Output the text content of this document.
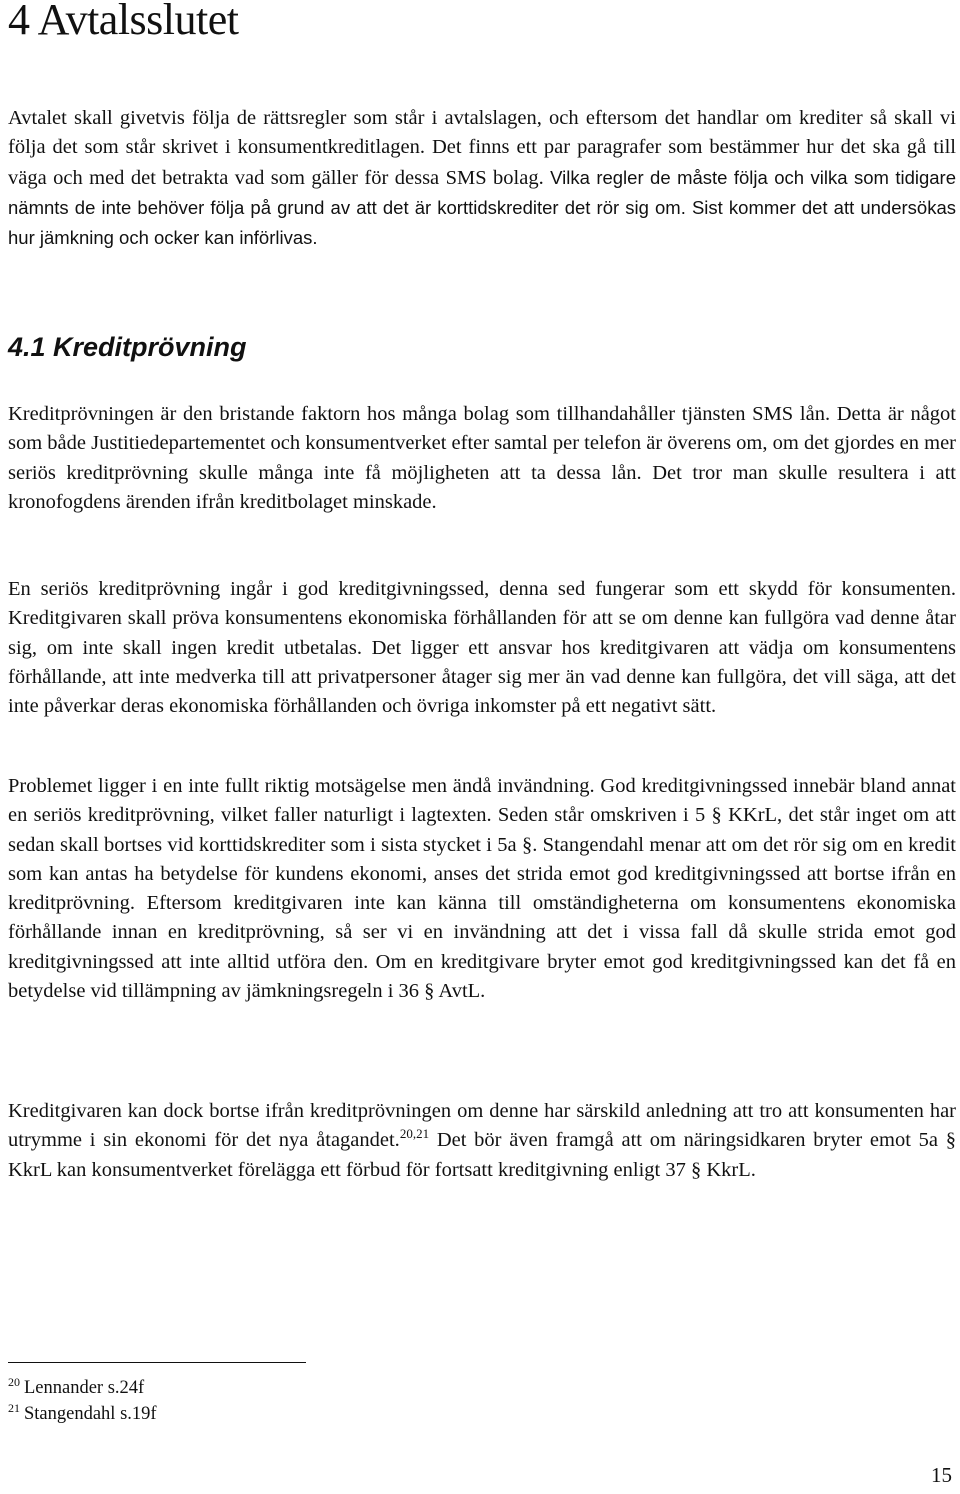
4 Avtalsslutet

Avtalet skall givetvis följa de rättsregler som står i avtalslagen, och eftersom det handlar om krediter så skall vi följa det som står skrivet i konsumentkreditlagen. Det finns ett par paragrafer som bestämmer hur det ska gå till väga och med det betrakta vad som gäller för dessa SMS bolag. Vilka regler de måste följa och vilka som tidigare nämnts de inte behöver följa på grund av att det är korttidskrediter det rör sig om. Sist kommer det att undersökas hur jämkning och ocker kan införlivas.

4.1 Kreditprövning

Kreditprövningen är den bristande faktorn hos många bolag som tillhandahåller tjänsten SMS lån. Detta är något som både Justitiedepartementet och konsumentverket efter samtal per telefon är överens om, om det gjordes en mer seriös kreditprövning skulle många inte få möjligheten att ta dessa lån. Det tror man skulle resultera i att kronofogdens ärenden ifrån kreditbolaget minskade.

En seriös kreditprövning ingår i god kreditgivningssed, denna sed fungerar som ett skydd för konsumenten. Kreditgivaren skall pröva konsumentens ekonomiska förhållanden för att se om denne kan fullgöra vad denne åtar sig, om inte skall ingen kredit utbetalas. Det ligger ett ansvar hos kreditgivaren att vädja om konsumentens förhållande, att inte medverka till att privatpersoner åtager sig mer än vad denne kan fullgöra, det vill säga, att det inte påverkar deras ekonomiska förhållanden och övriga inkomster på ett negativt sätt.

Problemet ligger i en inte fullt riktig motsägelse men ändå invändning. God kreditgivningssed innebär bland annat en seriös kreditprövning, vilket faller naturligt i lagtexten. Seden står omskriven i 5 § KKrL, det står inget om att sedan skall bortses vid korttidskrediter som i sista stycket i 5a §. Stangendahl menar att om det rör sig om en kredit som kan antas ha betydelse för kundens ekonomi, anses det strida emot god kreditgivningssed att bortse ifrån en kreditprövning. Eftersom kreditgivaren inte kan känna till omständigheterna om konsumentens ekonomiska förhållande innan en kreditprövning, så ser vi en invändning att det i vissa fall då skulle strida emot god kreditgivningssed att inte alltid utföra den. Om en kreditgivare bryter emot god kreditgivningssed kan det få en betydelse vid tillämpning av jämkningsregeln i 36 § AvtL.

Kreditgivaren kan dock bortse ifrån kreditprövningen om denne har särskild anledning att tro att konsumenten har utrymme i sin ekonomi för det nya åtagandet.$^{20,21}$ Det bör även framgå att om näringsidkaren bryter emot 5a § KkrL kan konsumentverket förelägga ett förbud för fortsatt kreditgivning enligt 37 § KkrL.

$^{20}$ Lennander s.24f
$^{21}$ Stangendahl s.19f
15
